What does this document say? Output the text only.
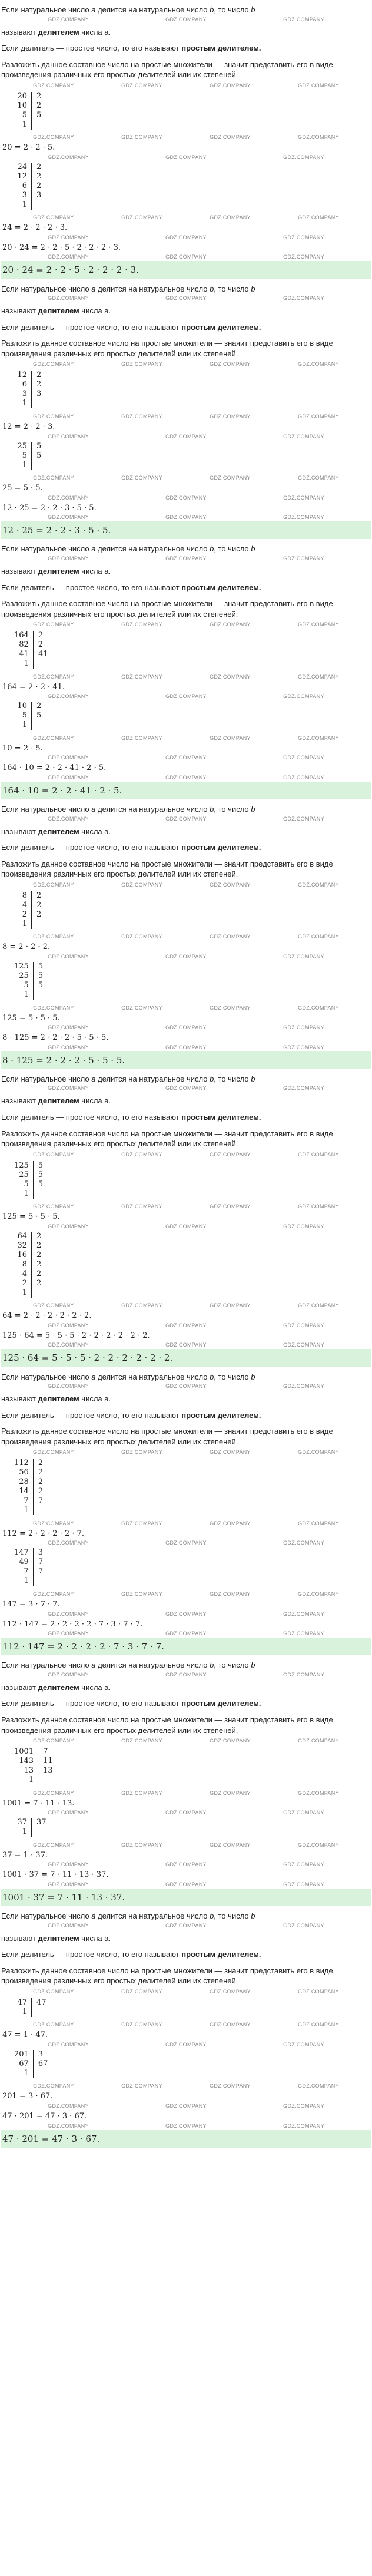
Если натуральное число a делится на натуральное число b, то число b
GDZ.COMPANY	GDZ.COMPANY	GDZ.COMPANY
называют делителем числа a.
Если делитель — простое число, то его называют простым делителем.
Разложить данное составное число на простые множители — значит представить его в виде произведения различных его простых делителей или их степеней.
GDZ.COMPANY	GDZ.COMPANY	GDZ.COMPANY	GDZ.COMPANY
20	2
10	2
5	5
1	
GDZ.COMPANY	GDZ.COMPANY	GDZ.COMPANY	GDZ.COMPANY
20 = 2 · 2 · 5.
GDZ.COMPANY	GDZ.COMPANY	GDZ.COMPANY
24	2
12	2
6	2
3	3
1	
GDZ.COMPANY	GDZ.COMPANY	GDZ.COMPANY	GDZ.COMPANY
24 = 2 · 2 · 2 · 3.
GDZ.COMPANY	GDZ.COMPANY	GDZ.COMPANY
20 · 24 = 2 · 2 · 5 · 2 · 2 · 2 · 3.
GDZ.COMPANY	GDZ.COMPANY	GDZ.COMPANY
20 · 24 = 2 · 2 · 5 · 2 · 2 · 2 · 3.
Если натуральное число a делится на натуральное число b, то число b
GDZ.COMPANY	GDZ.COMPANY	GDZ.COMPANY
называют делителем числа a.
Если делитель — простое число, то его называют простым делителем.
Разложить данное составное число на простые множители — значит представить его в виде произведения различных его простых делителей или их степеней.
GDZ.COMPANY	GDZ.COMPANY	GDZ.COMPANY	GDZ.COMPANY
12	2
6	2
3	3
1	
GDZ.COMPANY	GDZ.COMPANY	GDZ.COMPANY	GDZ.COMPANY
12 = 2 · 2 · 3.
GDZ.COMPANY	GDZ.COMPANY	GDZ.COMPANY
25	5
5	5
1	
GDZ.COMPANY	GDZ.COMPANY	GDZ.COMPANY	GDZ.COMPANY
25 = 5 · 5.
GDZ.COMPANY	GDZ.COMPANY	GDZ.COMPANY
12 · 25 = 2 · 2 · 3 · 5 · 5.
GDZ.COMPANY	GDZ.COMPANY	GDZ.COMPANY
12 · 25 = 2 · 2 · 3 · 5 · 5.
Если натуральное число a делится на натуральное число b, то число b
GDZ.COMPANY	GDZ.COMPANY	GDZ.COMPANY
называют делителем числа a.
Если делитель — простое число, то его называют простым делителем.
Разложить данное составное число на простые множители — значит представить его в виде произведения различных его простых делителей или их степеней.
GDZ.COMPANY	GDZ.COMPANY	GDZ.COMPANY	GDZ.COMPANY
164	2
82	2
41	41
1	
GDZ.COMPANY	GDZ.COMPANY	GDZ.COMPANY	GDZ.COMPANY
164 = 2 · 2 · 41.
GDZ.COMPANY	GDZ.COMPANY	GDZ.COMPANY
10	2
5	5
1	
GDZ.COMPANY	GDZ.COMPANY	GDZ.COMPANY	GDZ.COMPANY
10 = 2 · 5.
GDZ.COMPANY	GDZ.COMPANY	GDZ.COMPANY
164 · 10 = 2 · 2 · 41 · 2 · 5.
GDZ.COMPANY	GDZ.COMPANY	GDZ.COMPANY
164 · 10 = 2 · 2 · 41 · 2 · 5.
Если натуральное число a делится на натуральное число b, то число b
GDZ.COMPANY	GDZ.COMPANY	GDZ.COMPANY
называют делителем числа a.
Если делитель — простое число, то его называют простым делителем.
Разложить данное составное число на простые множители — значит представить его в виде произведения различных его простых делителей или их степеней.
GDZ.COMPANY	GDZ.COMPANY	GDZ.COMPANY	GDZ.COMPANY
8	2
4	2
2	2
1	
GDZ.COMPANY	GDZ.COMPANY	GDZ.COMPANY	GDZ.COMPANY
8 = 2 · 2 · 2.
GDZ.COMPANY	GDZ.COMPANY	GDZ.COMPANY
125	5
25	5
5	5
1	
GDZ.COMPANY	GDZ.COMPANY	GDZ.COMPANY	GDZ.COMPANY
125 = 5 · 5 · 5.
GDZ.COMPANY	GDZ.COMPANY	GDZ.COMPANY
8 · 125 = 2 · 2 · 2 · 5 · 5 · 5.
GDZ.COMPANY	GDZ.COMPANY	GDZ.COMPANY
8 · 125 = 2 · 2 · 2 · 5 · 5 · 5.
Если натуральное число a делится на натуральное число b, то число b
GDZ.COMPANY	GDZ.COMPANY	GDZ.COMPANY
называют делителем числа a.
Если делитель — простое число, то его называют простым делителем.
Разложить данное составное число на простые множители — значит представить его в виде произведения различных его простых делителей или их степеней.
GDZ.COMPANY	GDZ.COMPANY	GDZ.COMPANY	GDZ.COMPANY
125	5
25	5
5	5
1	
GDZ.COMPANY	GDZ.COMPANY	GDZ.COMPANY	GDZ.COMPANY
125 = 5 · 5 · 5.
GDZ.COMPANY	GDZ.COMPANY	GDZ.COMPANY
64	2
32	2
16	2
8	2
4	2
2	2
1	
GDZ.COMPANY	GDZ.COMPANY	GDZ.COMPANY	GDZ.COMPANY
64 = 2 · 2 · 2 · 2 · 2 · 2.
GDZ.COMPANY	GDZ.COMPANY	GDZ.COMPANY
125 · 64 = 5 · 5 · 5 · 2 · 2 · 2 · 2 · 2 · 2.
GDZ.COMPANY	GDZ.COMPANY	GDZ.COMPANY
125 · 64 = 5 · 5 · 5 · 2 · 2 · 2 · 2 · 2 · 2.
Если натуральное число a делится на натуральное число b, то число b
GDZ.COMPANY	GDZ.COMPANY	GDZ.COMPANY
называют делителем числа a.
Если делитель — простое число, то его называют простым делителем.
Разложить данное составное число на простые множители — значит представить его в виде произведения различных его простых делителей или их степеней.
GDZ.COMPANY	GDZ.COMPANY	GDZ.COMPANY	GDZ.COMPANY
112	2
56	2
28	2
14	2
7	7
1	
GDZ.COMPANY	GDZ.COMPANY	GDZ.COMPANY	GDZ.COMPANY
112 = 2 · 2 · 2 · 2 · 7.
GDZ.COMPANY	GDZ.COMPANY	GDZ.COMPANY
147	3
49	7
7	7
1	
GDZ.COMPANY	GDZ.COMPANY	GDZ.COMPANY	GDZ.COMPANY
147 = 3 · 7 · 7.
GDZ.COMPANY	GDZ.COMPANY	GDZ.COMPANY
112 · 147 = 2 · 2 · 2 · 2 · 7 · 3 · 7 · 7.
GDZ.COMPANY	GDZ.COMPANY	GDZ.COMPANY
112 · 147 = 2 · 2 · 2 · 2 · 7 · 3 · 7 · 7.
Если натуральное число a делится на натуральное число b, то число b
GDZ.COMPANY	GDZ.COMPANY	GDZ.COMPANY
называют делителем числа a.
Если делитель — простое число, то его называют простым делителем.
Разложить данное составное число на простые множители — значит представить его в виде произведения различных его простых делителей или их степеней.
GDZ.COMPANY	GDZ.COMPANY	GDZ.COMPANY	GDZ.COMPANY
1001	7
143	11
13	13
1	
GDZ.COMPANY	GDZ.COMPANY	GDZ.COMPANY	GDZ.COMPANY
1001 = 7 · 11 · 13.
GDZ.COMPANY	GDZ.COMPANY	GDZ.COMPANY
37	37
1	
GDZ.COMPANY	GDZ.COMPANY	GDZ.COMPANY	GDZ.COMPANY
37 = 1 · 37.
GDZ.COMPANY	GDZ.COMPANY	GDZ.COMPANY
1001 · 37 = 7 · 11 · 13 · 37.
GDZ.COMPANY	GDZ.COMPANY	GDZ.COMPANY
1001 · 37 = 7 · 11 · 13 · 37.
Если натуральное число a делится на натуральное число b, то число b
GDZ.COMPANY	GDZ.COMPANY	GDZ.COMPANY
называют делителем числа a.
Если делитель — простое число, то его называют простым делителем.
Разложить данное составное число на простые множители — значит представить его в виде произведения различных его простых делителей или их степеней.
GDZ.COMPANY	GDZ.COMPANY	GDZ.COMPANY	GDZ.COMPANY
47	47
1	
GDZ.COMPANY	GDZ.COMPANY	GDZ.COMPANY	GDZ.COMPANY
47 = 1 · 47.
GDZ.COMPANY	GDZ.COMPANY	GDZ.COMPANY
201	3
67	67
1	
GDZ.COMPANY	GDZ.COMPANY	GDZ.COMPANY	GDZ.COMPANY
201 = 3 · 67.
GDZ.COMPANY	GDZ.COMPANY	GDZ.COMPANY
47 · 201 = 47 · 3 · 67.
GDZ.COMPANY	GDZ.COMPANY	GDZ.COMPANY
47 · 201 = 47 · 3 · 67.
